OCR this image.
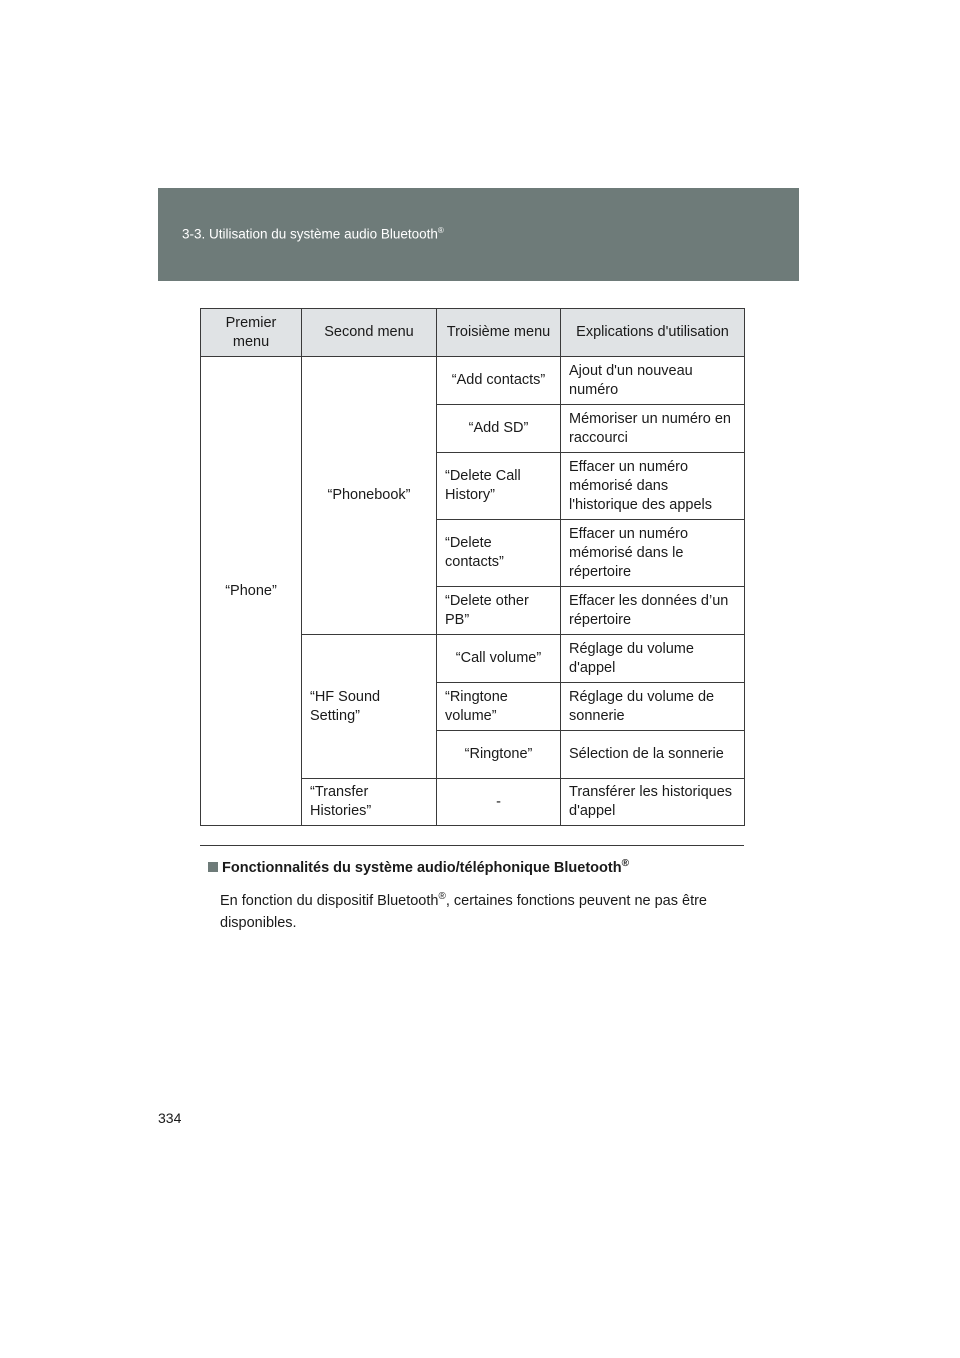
3-3. Utilisation du système audio Bluetooth®
Premier menu	Second menu	Troisième menu	Explications d'utilisation
“Phone”	“Phonebook”	“Add contacts”	Ajout d'un nouveau numéro
		“Add SD”	Mémoriser un numéro en raccourci
		“Delete Call History”	Effacer un numéro mémorisé dans l'historique des appels
		“Delete contacts”	Effacer un numéro mémorisé dans le répertoire
		“Delete other PB”	Effacer les données d’un répertoire
	“HF Sound Setting”	“Call volume”	Réglage du volume d'appel
		“Ringtone volume”	Réglage du volume de sonnerie
		“Ringtone”	Sélection de la sonnerie
	“Transfer Histories”	-	Transférer les historiques d'appel
Fonctionnalités du système audio/téléphonique Bluetooth®
En fonction du dispositif Bluetooth®, certaines fonctions peuvent ne pas être disponibles.
334
